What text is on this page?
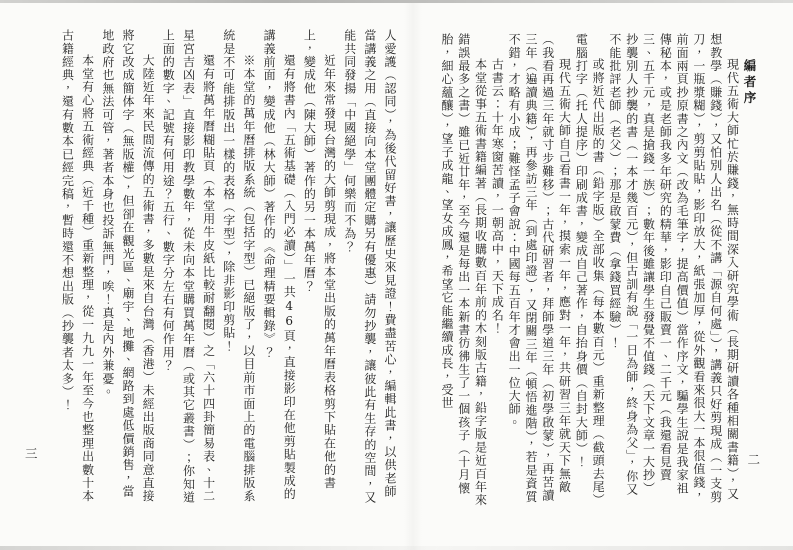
編者序

現代五術大師忙於賺錢，無時間深入研究學術（長期研讀各種相關書籍），又想教學（賺錢），又怕別人出名（從不講「源自何處」），講義只好剪現成（一支剪刀，一瓶漿糊），剪剪貼貼，影印放大，紙張加厚，從外觀看來很大一本很值錢，前面兩頁抄原書之內文（改為毛筆字，提高價值）當作序文，騙學生說是我家祖傳秘本，或是老師我多年研究的精華，影印自己販賣一、二千元（我還看見賣三、五千元，真是搶錢一族）；數年後雖讓學生發覺不值錢（天下文章一大抄）抄襲別人抄襲的書（一本才幾百元），但古訓有說「一日為師，終身為父」，你又不能批評老師（老父）；那是啟蒙費（拿錢買經驗）！

或將近代出版的書（鉛字版）全部收集（每本數百元）重新整理（截頭去尾）電腦打字（托人提序）印刷成書，變成自己著作，自抬身價（自封大師）！

現代五術大師自己看書一年，摸索一年，應對一年，共研習三年就天下無敵（我看再過三年就寸步難移）；古代研習者，拜師學道三年（初學啟蒙），再苦讀三年（遍讀典籍），再參訪三年（到處印證），又閉關三年（頓悟進階），若是資質不錯，才略有小成；難怪孟子會說：中國每五百年才會出一位大師。

古書云：十年寒窗苦讀，一朝高中，天下成名！

本堂從事五術書籍編著（長期收購數百年前的木刻版古籍，鉛字版是近百年來錯誤最多之書）雖已近廿年，至今還是每出一本新書彷彿生了一個孩子（十月懷胎，細心蘊釀），望子成龍、望女成鳳，希望它能繼續成長，受世

二

人愛護（認同），為後代留好書，讓歷史來見證！費盡苦心，編輯此書，以供老師當講義之用（直接向本堂團體定購另有優惠）請勿抄襲，讓彼此有生存的空間，又能共同發揚「中國絕學」何樂而不為？

近年來常發現台灣的大師剪現成，將本堂出版的萬年曆表格剪下貼在他的書上，變成他（陳大師）著作的另一本萬年曆？

還有將書內「五術基礎（入門必讀）」一共46頁，直接影印在他剪貼製成的講義前面，變成他（林大師）著作的《命理精要輯錄》？

※本堂的萬年曆排版系統（包括字型）已絕版了，以目前市面上的電腦排版系統是不可能排版出一樣的表格（字型），除非影印剪貼！

還有將萬年曆糊貼頁（本堂用牛皮紙比較耐翻閱）之「六十四卦簡易表、十二星宮吉凶表」直接影印教學數年，從未向本堂購買萬年曆（或其它叢書）；你知道上面的數字、記號有何用途？五行、數字分左右有何作用？

大陸近年來民間流傳的五術書，多數是來自台灣（香港）未經出版商同意直接將它改成簡体字（無版權），但卻在觀光區、廟宇、地攤、網路到處低價銷售，當地政府也無法可管，著者本身也投訴無門，唉！真是內外兼憂。

本堂有心將五術經典（近千種）重新整理，從一九九一年至今也整理出數十本古籍經典，還有數本已經完稿，暫時還不想出版（抄襲者太多）！

三
